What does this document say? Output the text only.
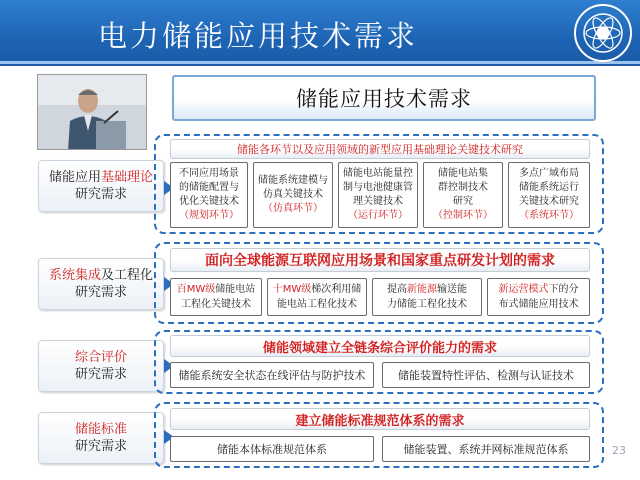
电力储能应用技术需求
储能应用技术需求
储能应用基础理论
研究需求
储能各环节以及应用领域的新型应用基础理论关键技术研究
不同应用场景
的储能配置与
优化关键技术
（规划环节）
储能系统建模与
仿真关键技术
（仿真环节）
储能电站能量控
制与电池健康管
理关键技术
（运行环节）
储能电站集
群控制技术
研究
（控制环节）
多点广域布局
储能系统运行
关键技术研究
（系统环节）
系统集成及工程化
研究需求
面向全球能源互联网应用场景和国家重点研发计划的需求
百MW级储能电站
工程化关键技术
十MW级梯次利用储
能电站工程化技术
提高新能源输送能
力储能工程化技术
新运营模式下的分
布式储能应用技术
综合评价
研究需求
储能领域建立全链条综合评价能力的需求
储能系统安全状态在线评估与防护技术	储能装置特性评估、检测与认证技术
储能标准
研究需求
建立储能标准规范体系的需求
储能本体标准规范体系	储能装置、系统并网标准规范体系	23
